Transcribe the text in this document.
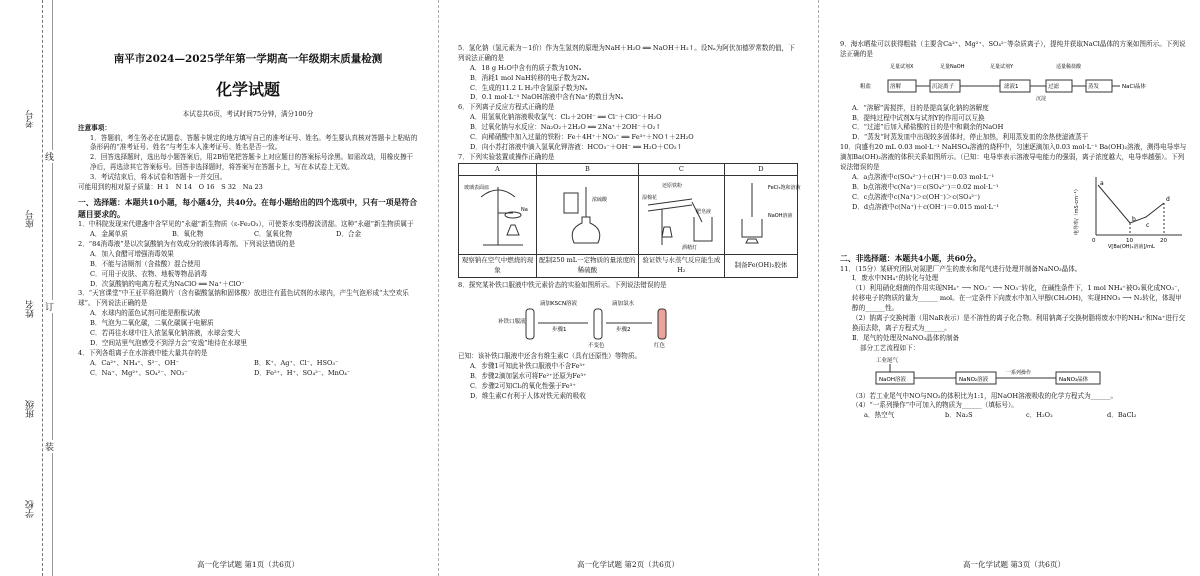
考号
座号
姓名
班级
学校
线
订
装

南平市2024—2025学年第一学期高一年级期末质量检测

化学试题

本试卷共6页，考试时间75分钟，满分100分

注意事项：

1．答题前，考生务必在试题卷、答题卡规定的地方填写自己的准考证号、姓名。考生要认真核对答题卡上粘贴的条形码的“准考证号、姓名”与考生本人准考证号、姓名是否一致。

2．回答选择题时，选出每小题答案后，用2B铅笔把答题卡上对应题目的答案标号涂黑。如需改动，用橡皮擦干净后，再选涂其它答案标号。回答非选择题时，将答案写在答题卡上，写在本试卷上无效。

3．考试结束后，将本试卷和答题卡一并交回。

可能用到的相对原子质量：H 1　N 14　O 16　S 32　Na 23

一、选择题：本题共10小题，每小题4分，共40分。在每小题给出的四个选项中，只有一项是符合题目要求的。

1．中科院发现宋代建盏中含罕见的“永磁”新生物质（ε-Fe₂O₃），可使茶水变得醇淡清甜。这种“永磁”新生物质属于

A．金属单质	B．氧化物	C．氢氧化物	D．合金

2．“84消毒液”是以次氯酸钠为有效成分的液体消毒剂。下列说法错误的是

A．加入食醋可增强消毒效果

B．不能与洁厕剂（含盐酸）混合使用

C．可用于皮肤、衣物、地板等物品消毒

D．次氯酸钠的电离方程式为NaClO ══ Na⁺＋ClO⁻

3．“天宫课堂”中王亚平将泡腾片（含有碳酸氢钠和固体酸）放进注有蓝色试剂的水球内，产生气泡形成“太空欢乐球”。下列说法正确的是

A．水球内的蓝色试剂可能是酚酞试液

B．气泡为二氧化碳，二氧化碳属于电解质

C．若再往水球中注入浓氢氧化钠溶液，水球会变大

D．空间站里气泡感受不到浮力会“安逸”地待在水球里

4．下列各组离子在水溶液中能大量共存的是

A．Ca²⁺、NH₄⁺、S²⁻、OH⁻	B．K⁺、Ag⁺、Cl⁻、HSO₃⁻
C．Na⁺、Mg²⁺、SO₄²⁻、NO₃⁻	D．Fe²⁺、H⁺、SO₄²⁻、MnO₄⁻
高一化学试题 第1页（共6页）

5．氢化钠（氢元素为－1价）作为生氢剂的原理为NaH＋H₂O ══ NaOH＋H₂↑。设Nₐ为阿伏加德罗常数的值，下列说法正确的是

A．18 g H₂O中含有的质子数为10Nₐ

B．消耗1 mol NaH转移的电子数为2Nₐ

C．生成的11.2 L H₂中含氢原子数为Nₐ

D．0.1 mol·L⁻¹ NaOH溶液中含有Na⁺的数目为Nₐ

6．下列离子反应方程式正确的是

A．用氢氧化钠溶液吸收氯气：Cl₂＋2OH⁻ ══ Cl⁻＋ClO⁻＋H₂O

B．过氧化钠与水反应：Na₂O₂＋2H₂O ══ 2Na⁺＋2OH⁻＋O₂↑

C．向稀硝酸中加入过量的铁粉：Fe＋4H⁺＋NO₃⁻ ══ Fe³⁺＋NO↑＋2H₂O

D．向小苏打溶液中滴入氢氧化钾溶液：HCO₃⁻＋OH⁻ ══ H₂O＋CO₂↑

7．下列实验装置或操作正确的是

A	B	C	D

玻璃表面皿
Na	浓硫酸	还原铁粉
湿棉花
肥皂液
酒精灯	FeCl₃饱和溶液
NaOH溶液

观察钠在空气中燃烧的现象	配制250 mL一定物质的量浓度的稀硫酸	验证铁与水蒸气反应能生成H₂	制备Fe(OH)₂胶体

8．探究某补铁口服液中铁元素价态的实验如图所示。下列说法错误的是

补铁口服液
滴加KSCN溶液
步骤1
不变色
滴加氯水
步骤2
红色

已知：该补铁口服液中还含有维生素C（具有还原性）等物质。

A．步骤1可知此补铁口服液中不含Fe³⁺

B．步骤2滴加氯水可将Fe²⁺还原为Fe³⁺

C．步骤2可知Cl₂的氧化性强于Fe³⁺

D．维生素C有利于人体对铁元素的吸收

高一化学试题 第2页（共6页）

9．海水晒盐可以获得粗盐（主要含Ca²⁺、Mg²⁺、SO₄²⁻等杂质离子），提纯并获取NaCl晶体的方案如图所示。下列说法正确的是

粗盐	溶解	沉淀离子	滤液1	过滤	蒸发	NaCl晶体
沉淀
足量试剂X	足量NaOH	足量试剂Y	适量稀盐酸

A．“溶解”需搅拌，目的是提高氯化钠的溶解度

B．提纯过程中试剂X与试剂Y的作用可以互换

C．“过滤”后加入稀盐酸的目的是中和剩余的NaOH

D．“蒸发”时蒸发皿中出现较多固体时，停止加热，利用蒸发皿的余热使滤液蒸干

10．向盛有20 mL 0.03 mol·L⁻¹ NaHSO₄溶液的烧杯中，匀速逐滴加入0.03 mol·L⁻¹ Ba(OH)₂溶液，测得电导率与滴加Ba(OH)₂溶液的体积关系如图所示。（已知：电导率表示溶液导电能力的强弱，离子浓度越大，电导率越强）。下列说法错误的是

A．a点溶液中c(SO₄²⁻)＋c(H⁺)＝0.03 mol·L⁻¹

B．b点溶液中c(Na⁺)＝c(SO₄²⁻)＝0.02 mol·L⁻¹

C．c点溶液中c(Na⁺)＞c(OH⁻)＞c(SO₄²⁻)

D．d点溶液中c(Na⁺)＋c(OH⁻)＝0.015 mol·L⁻¹	电导率/（mS·cm⁻¹）
a
b
c
d
0	10	20
V[Ba(OH)₂溶液]/mL

二、非选择题：本题共4小题，共60分。

11．（15分）某研究团队对氮肥厂产生的废水和尾气进行处理并制备NaNO₃晶体。

Ⅰ．废水中NH₄⁺的转化与处理

（1）利用硝化细菌的作用实现NH₄⁺ ⟶ NO₂⁻ ⟶ NO₃⁻转化，在碱性条件下，1 mol NH₄⁺被O₂氧化成NO₃⁻，转移电子的物质的量为______ mol。在一定条件下向废水中加入甲醇(CH₃OH)，实现HNO₃ ⟶ N₂转化，体现甲醇的______性。

（2）钠离子交换树脂（用NaR表示）是不溶性的离子化合物。利用钠离子交换树脂将废水中的NH₄⁺和Na⁺进行交换而去除，离子方程式为______。

Ⅱ．尾气的处理及NaNO₃晶体的制备

部分工艺流程如下：

工业尾气
NaOH溶液	NaNO₂溶液
一系列操作
NaNO₃晶体

（3）若工业尾气中NO与NO₂的体积比为1:1，用NaOH溶液吸收的化学方程式为______。

（4）“一系列操作”中可加入的物质为______（填标号）。

a．热空气	b．Na₂S	c．H₂O₂	d．BaCl₂
高一化学试题 第3页（共6页）
